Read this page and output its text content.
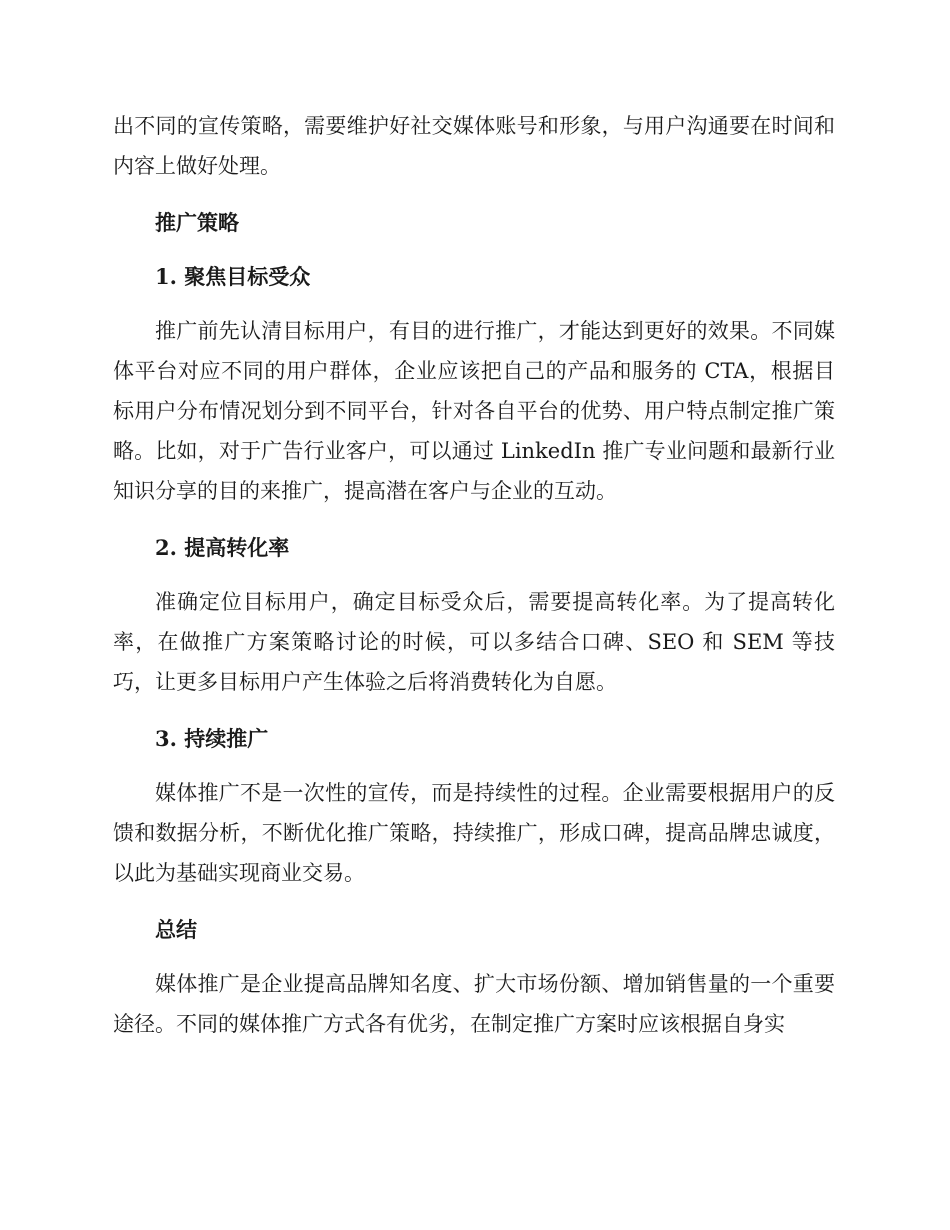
出不同的宣传策略，需要维护好社交媒体账号和形象，与用户沟通要在时间和内容上做好处理。

推广策略

1. 聚焦目标受众

推广前先认清目标用户，有目的进行推广，才能达到更好的效果。不同媒体平台对应不同的用户群体，企业应该把自己的产品和服务的 CTA，根据目标用户分布情况划分到不同平台，针对各自平台的优势、用户特点制定推广策略。比如，对于广告行业客户，可以通过 LinkedIn 推广专业问题和最新行业知识分享的目的来推广，提高潜在客户与企业的互动。

2. 提高转化率

准确定位目标用户，确定目标受众后，需要提高转化率。为了提高转化率，在做推广方案策略讨论的时候，可以多结合口碑、SEO 和 SEM 等技巧，让更多目标用户产生体验之后将消费转化为自愿。

3. 持续推广

媒体推广不是一次性的宣传，而是持续性的过程。企业需要根据用户的反馈和数据分析，不断优化推广策略，持续推广，形成口碑，提高品牌忠诚度，以此为基础实现商业交易。

总结

媒体推广是企业提高品牌知名度、扩大市场份额、增加销售量的一个重要途径。不同的媒体推广方式各有优劣，在制定推广方案时应该根据自身实
